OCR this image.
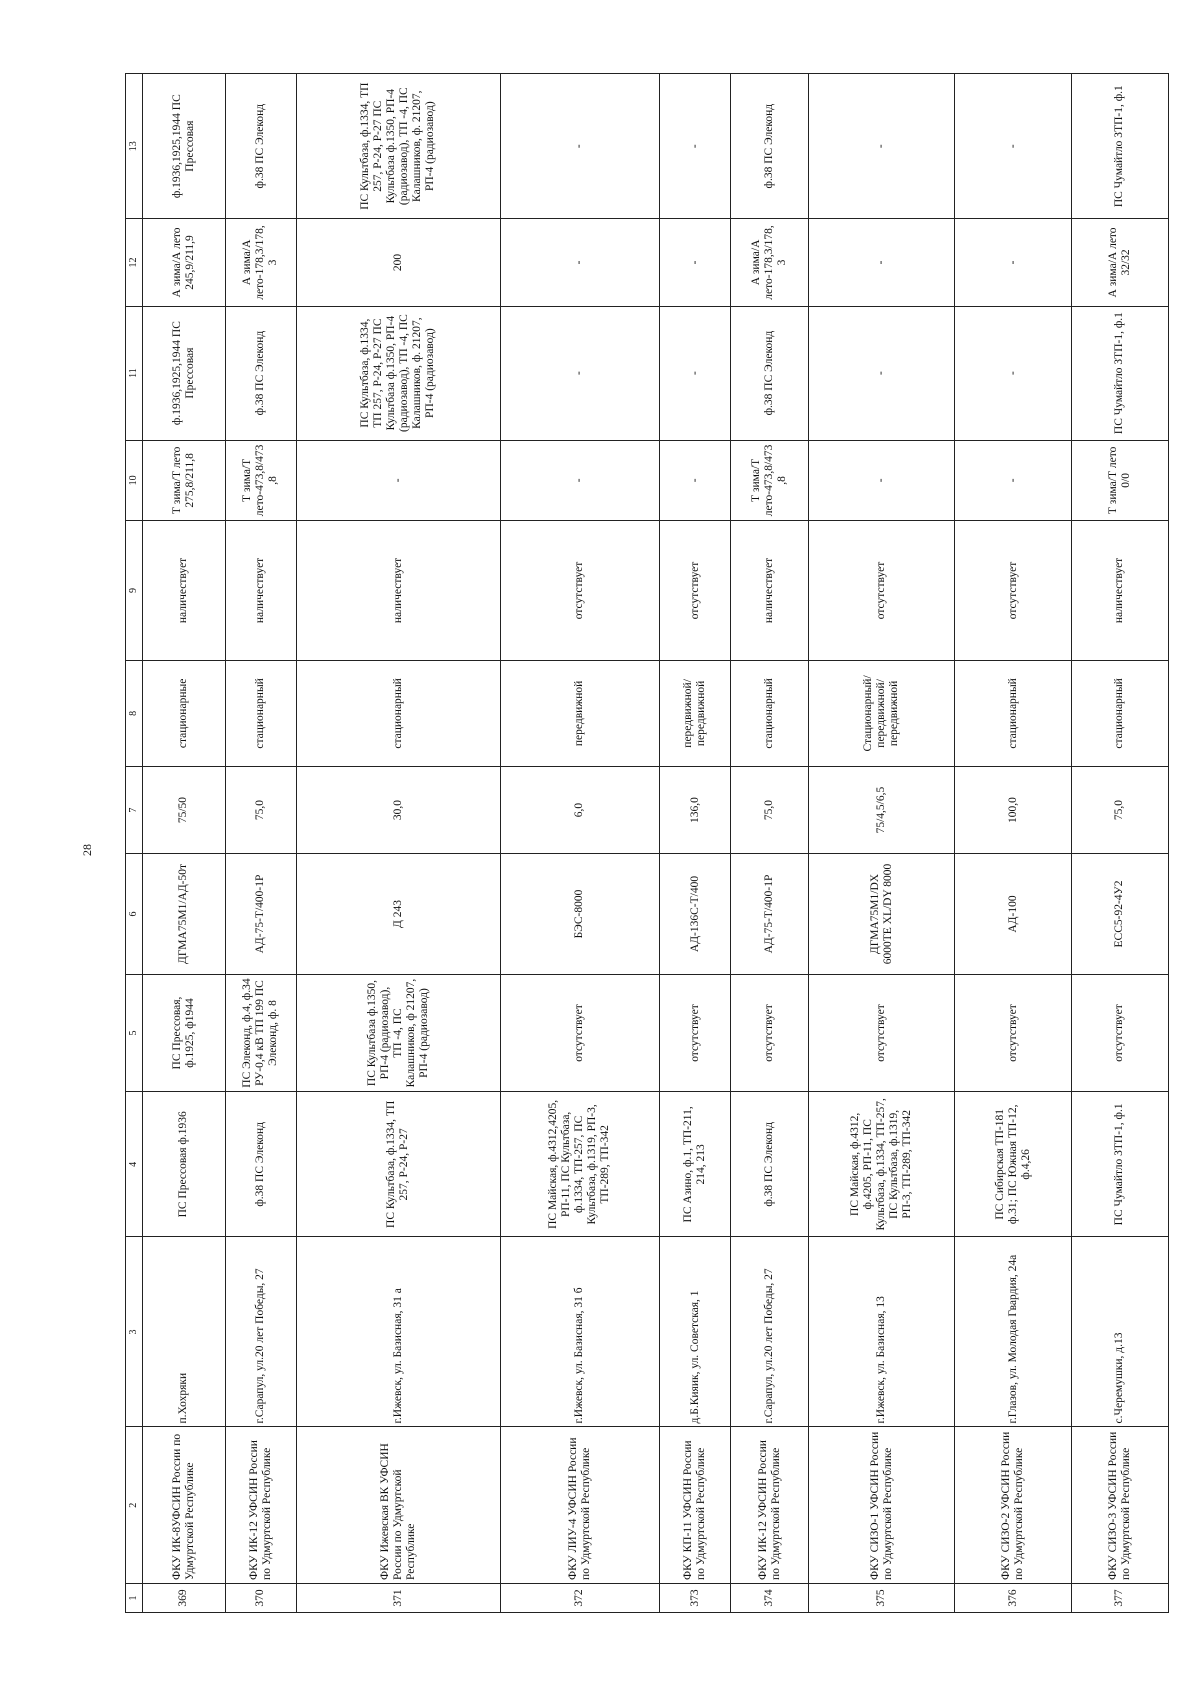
28
1	2	3	4	5	6	7	8	9	10	11	12	13
369	ФКУ ИК-8УФСИН России по Удмуртской Республике	п.Хохряки	ПС Прессовая ф.1936	ПС Прессовая, ф.1925, ф1944	ДГМА75М1/АД-50т	75/50	стационарные	наличествует	Т зима/Т лето 275,8/211,8	ф.1936,1925,1944 ПС Прессовая	А зима/А лето 245,9/211,9	ф.1936,1925,1944 ПС Прессовая
370	ФКУ ИК-12 УФСИН России по Удмуртской Республике	г.Сарапул, ул.20 лет Победы, 27	ф.38 ПС Элеконд	ПС Элеконд, ф.4, ф.34 РУ-0,4 кВ ТП 199 ПС Элеконд, ф. 8	АД-75-Т/400-1Р	75,0	стационарный	наличествует	Т зима/Т лето-473,8/473,8	ф.38 ПС Элеконд	А зима/А лето-178,3/178,3	ф.38 ПС Элеконд
371	ФКУ Ижевская ВК УФСИН России по Удмуртской Республике	г.Ижевск, ул. Базисная, 31 а	ПС Культбаза, ф.1334, ТП 257, Р-24, Р-27	ПС Культбаза ф.1350, РП-4 (радиозавод), ТП -4, ПС Калашников, ф 21207, РП-4 (радиозавод)	Д 243	30,0	стационарный	наличествует	-	ПС Культбаза, ф.1334, ТП 257, Р-24, Р-27 ПС Культбаза ф.1350, РП-4 (радиозавод), ТП -4, ПС Калашников, ф. 21207, РП-4 (радиозавод)	200	ПС Культбаза, ф.1334, ТП 257, Р-24, Р-27 ПС Культбаза ф.1350, РП-4 (радиозавод), ТП -4, ПС Калашников, ф. 21207, РП-4 (радиозавод)
372	ФКУ ЛИУ-4 УФСИН России по Удмуртской Республике	г.Ижевск, ул. Базисная, 31 б	ПС Майская, ф.4312,4205, РП-11, ПС Культбаза, ф.1334, ТП-257, ПС Культбаза, ф.1319, РП-3, ТП-289, ТП-342	отсутствует	БЭС-8000	6,0	передвижной	отсутствует	-	-	-	-
373	ФКУ КП-11 УФСИН России по Удмуртской Республике	д.Б.Кияик, ул. Советская, 1	ПС Азино, ф.1, ТП-211, 214, 213	отсутствует	АД-136С-Т/400	136,0	передвижной/ передвижной	отсутствует	-	-	-	-
374	ФКУ ИК-12 УФСИН России по Удмуртской Республике	г.Сарапул, ул.20 лет Победы, 27	ф.38 ПС Элеконд	отсутствует	АД-75-Т/400-1Р	75,0	стационарный	наличествует	Т зима/Т лето-473,8/473,8	ф.38 ПС Элеконд	А зима/А лето-178,3/178,3	ф.38 ПС Элеконд
375	ФКУ СИЗО-1 УФСИН России по Удмуртской Республике	г.Ижевск, ул. Базисная, 13	ПС Майская, ф.4312, ф.4205, РП-11, ПС Культбаза, ф.1334, ТП-257, ПС Культбаза, ф.1319, РП-3, ТП-289, ТП-342	отсутствует	ДГМА75М1/DX 6000TE XL/DY 8000	75/4,5/6,5	Стационарный/передвижной/передвижной	отсутствует	-	-	-	-
376	ФКУ СИЗО-2 УФСИН России по Удмуртской Республике	г.Глазов, ул. Молодая Гвардия, 24а	ПС Сибирская ТП-181 ф.31; ПС Южная ТП-12, ф.4,26	отсутствует	АД-100	100,0	стационарный	отсутствует	-	-	-	-
377	ФКУ СИЗО-3 УФСИН России по Удмуртской Республике	с.Черемушки, д.13	ПС Чумайтло ЗТП-1, ф.1	отсутствует	ЕСС5-92-4У2	75,0	стационарный	наличествует	Т зима/Т лето 0/0	ПС Чумайтло ЗТП-1, ф.1	А зима/А лето 32/32	ПС Чумайтло ЗТП-1, ф.1
